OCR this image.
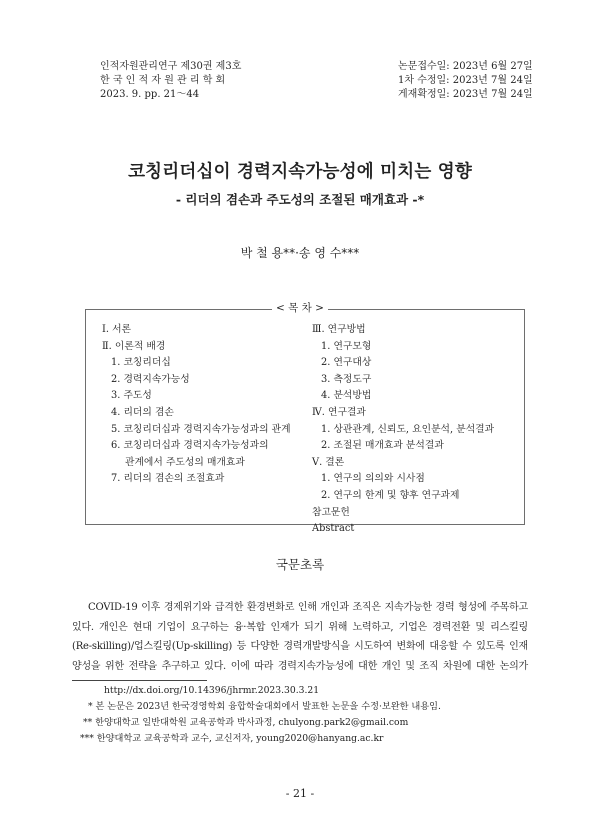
인적자원관리연구 제30권 제3호
한 국 인 적 자 원 관 리 학 회
2023. 9. pp. 21～44
논문접수일: 2023년 6월 27일
1차 수정일: 2023년 7월 24일
게재확정일: 2023년 7월 24일
코칭리더십이 경력지속가능성에 미치는 영향
- 리더의 겸손과 주도성의 조절된 매개효과 -*
박 철 용**·송 영 수***
< 목 차 >
Ⅰ. 서론
Ⅱ. 이론적 배경
1. 코칭리더십
2. 경력지속가능성
3. 주도성
4. 리더의 겸손
5. 코칭리더십과 경력지속가능성과의 관계
6. 코칭리더십과 경력지속가능성과의
관계에서 주도성의 매개효과
7. 리더의 겸손의 조절효과
Ⅲ. 연구방법
1. 연구모형
2. 연구대상
3. 측정도구
4. 분석방법
Ⅳ. 연구결과
1. 상관관계, 신뢰도, 요인분석, 분석결과
2. 조절된 매개효과 분석결과
Ⅴ. 결론
1. 연구의 의의와 시사점
2. 연구의 한계 및 향후 연구과제
참고문헌
Abstract
국문초록
COVID-19 이후 경제위기와 급격한 환경변화로 인해 개인과 조직은 지속가능한 경력 형성에 주목하고
있다. 개인은 현대 기업이 요구하는 융·복합 인재가 되기 위해 노력하고, 기업은 경력전환 및 리스킬링
(Re-skilling)/업스킬링(Up-skilling) 등 다양한 경력개발방식을 시도하여 변화에 대응할 수 있도록 인재
양성을 위한 전략을 추구하고 있다. 이에 따라 경력지속가능성에 대한 개인 및 조직 차원에 대한 논의가
http://dx.doi.org/10.14396/jhrmr.2023.30.3.21
* 본 논문은 2023년 한국경영학회 융합학술대회에서 발표한 논문을 수정·보완한 내용임.
** 한양대학교 일반대학원 교육공학과 박사과정, chulyong.park2@gmail.com
*** 한양대학교 교육공학과 교수, 교신저자, young2020@hanyang.ac.kr
- 21 -
